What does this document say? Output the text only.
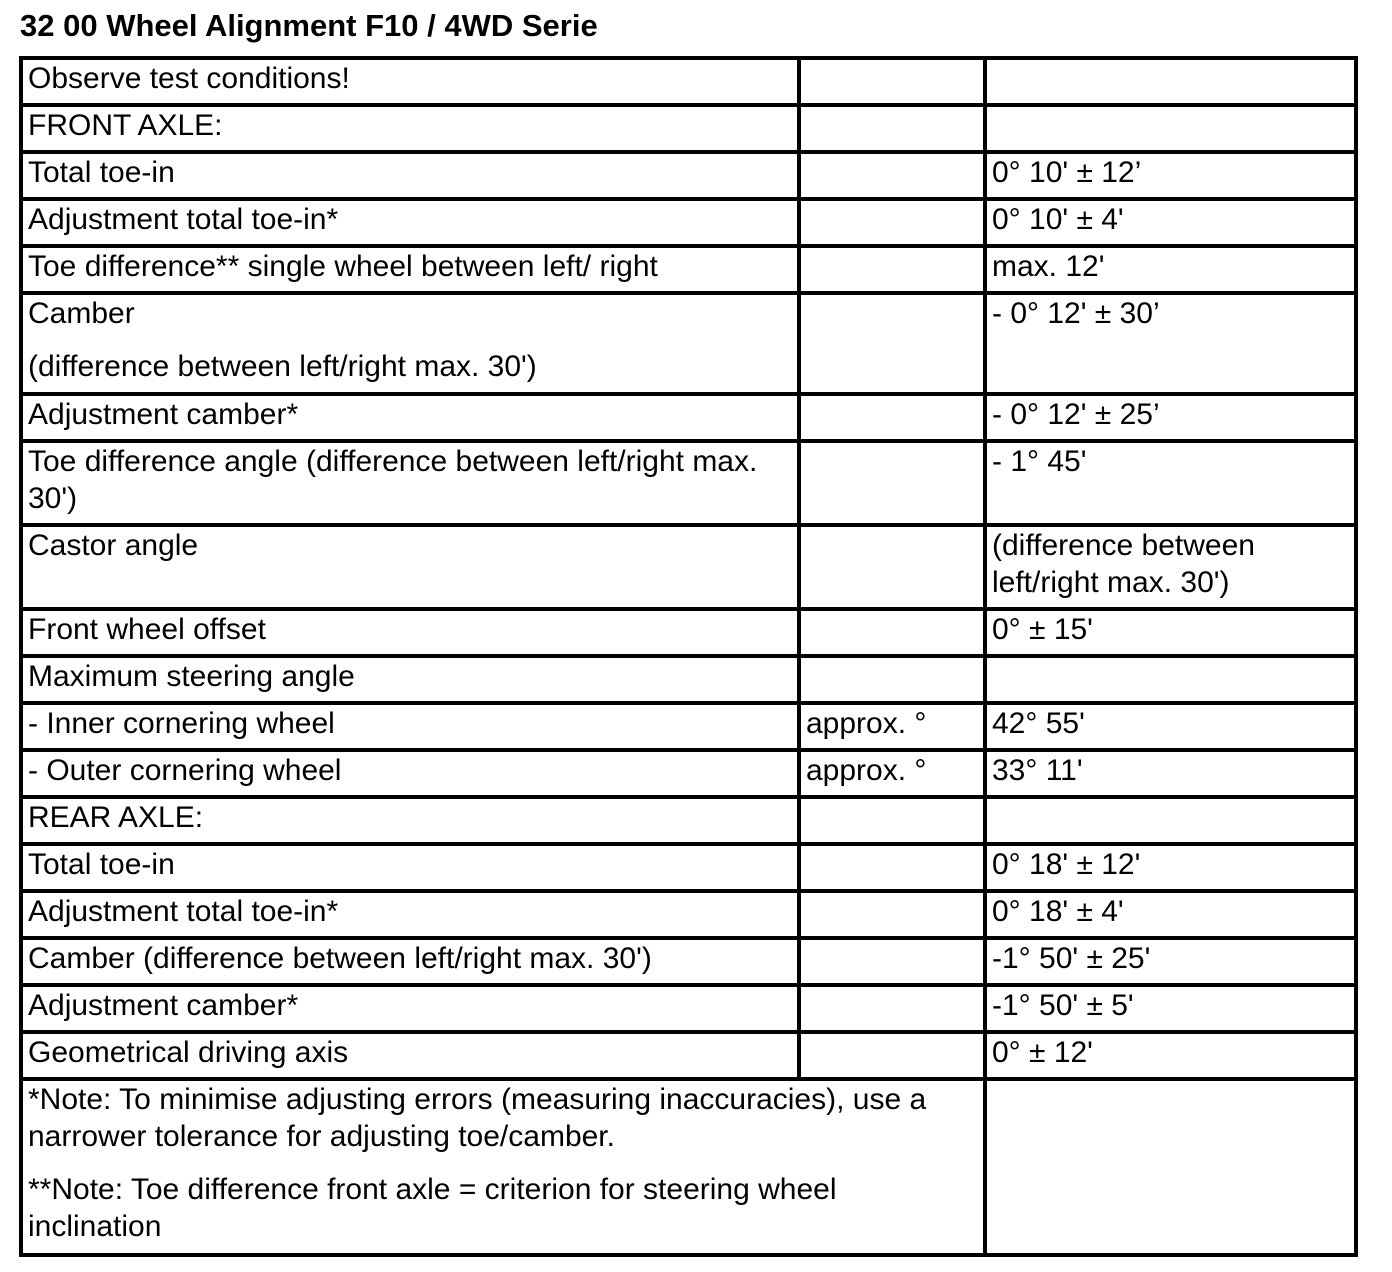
32 00 Wheel Alignment F10 / 4WD Serie
Observe test conditions!		
FRONT AXLE:		
Total toe-in		0° 10' ± 12’
Adjustment total toe-in*		0° 10' ± 4'
Toe difference** single wheel between left/ right		max. 12'

Camber
(difference between left/right max. 30')		- 0° 12' ± 30’
Adjustment camber*		- 0° 12' ± 25’
Toe difference angle (difference between left/right max. 30')		- 1° 45'
Castor angle		(difference between left/right max. 30')
Front wheel offset		0° ± 15'
Maximum steering angle		
- Inner cornering wheel	approx. °	42° 55'
- Outer cornering wheel	approx. °	33° 11'
REAR AXLE:		
Total toe-in		0° 18' ± 12'
Adjustment total toe-in*		0° 18' ± 4'
Camber (difference between left/right max. 30')		-1° 50' ± 25'
Adjustment camber*		-1° 50' ± 5'
Geometrical driving axis		0° ± 12'

*Note: To minimise adjusting errors (measuring inaccuracies), use a narrower tolerance for adjusting toe/camber.
**Note: Toe difference front axle = criterion for steering wheel inclination		
